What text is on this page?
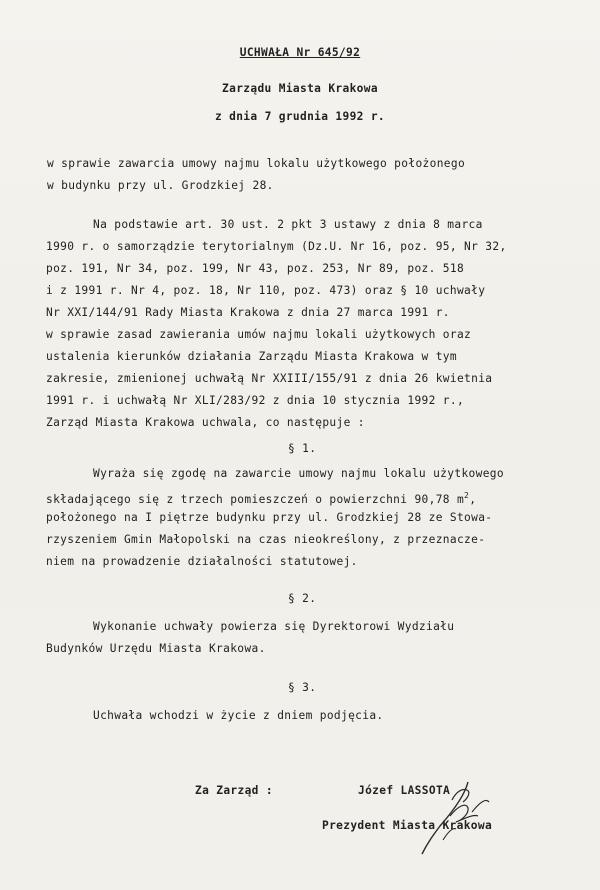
UCHWAŁA Nr 645/92
Zarządu Miasta Krakowa
z dnia 7 grudnia 1992 r.
w sprawie zawarcia umowy najmu lokalu użytkowego położonego
w budynku przy ul. Grodzkiej 28.
Na podstawie art. 30 ust. 2 pkt 3 ustawy z dnia 8 marca
1990 r. o samorządzie terytorialnym (Dz.U. Nr 16, poz. 95, Nr 32,
poz. 191, Nr 34, poz. 199, Nr 43, poz. 253, Nr 89, poz. 518
i z 1991 r. Nr 4, poz. 18, Nr 110, poz. 473) oraz § 10 uchwały
Nr XXI/144/91 Rady Miasta Krakowa z dnia 27 marca 1991 r.
w sprawie zasad zawierania umów najmu lokali użytkowych oraz
ustalenia kierunków działania Zarządu Miasta Krakowa w tym
zakresie, zmienionej uchwałą Nr XXIII/155/91 z dnia 26 kwietnia
1991 r. i uchwałą Nr XLI/283/92 z dnia 10 stycznia 1992 r.,
Zarząd Miasta Krakowa uchwala, co następuje :
§ 1.
Wyraża się zgodę na zawarcie umowy najmu lokalu użytkowego
składającego się z trzech pomieszczeń o powierzchni 90,78 $m^2$,
położonego na I piętrze budynku przy ul. Grodzkiej 28 ze Stowa-
rzyszeniem Gmin Małopolski na czas nieokreślony, z przeznacze-
niem na prowadzenie działalności statutowej.
§ 2.
Wykonanie uchwały powierza się Dyrektorowi Wydziału
Budynków Urzędu Miasta Krakowa.
§ 3.
Uchwała wchodzi w życie z dniem podjęcia.
Za Zarząd :	Józef LASSOTA
Prezydent Miasta Krakowa
